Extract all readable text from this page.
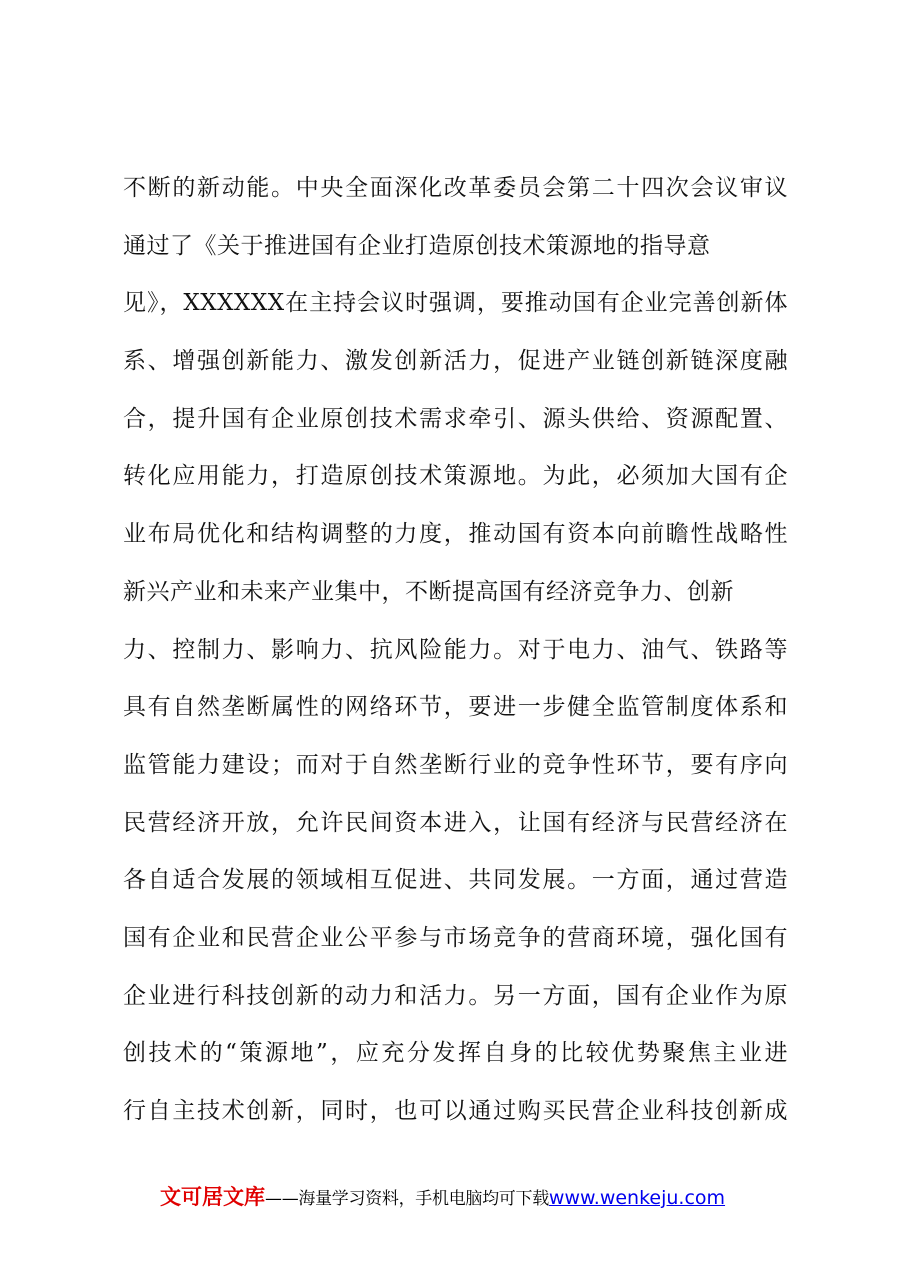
不断的新动能。中央全面深化改革委员会第二十四次会议审议
通过了《关于推进国有企业打造原创技术策源地的指导意
见》，XXXXXX在主持会议时强调，要推动国有企业完善创新体
系、增强创新能力、激发创新活力，促进产业链创新链深度融
合，提升国有企业原创技术需求牵引、源头供给、资源配置、
转化应用能力，打造原创技术策源地。为此，必须加大国有企
业布局优化和结构调整的力度，推动国有资本向前瞻性战略性
新兴产业和未来产业集中，不断提高国有经济竞争力、创新
力、控制力、影响力、抗风险能力。对于电力、油气、铁路等
具有自然垄断属性的网络环节，要进一步健全监管制度体系和
监管能力建设；而对于自然垄断行业的竞争性环节，要有序向
民营经济开放，允许民间资本进入，让国有经济与民营经济在
各自适合发展的领域相互促进、共同发展。一方面，通过营造
国有企业和民营企业公平参与市场竞争的营商环境，强化国有
企业进行科技创新的动力和活力。另一方面，国有企业作为原
创技术的“策源地”，应充分发挥自身的比较优势聚焦主业进
行自主技术创新，同时，也可以通过购买民营企业科技创新成
文可居文库——海量学习资料，手机电脑均可下载www.wenkeju.com
